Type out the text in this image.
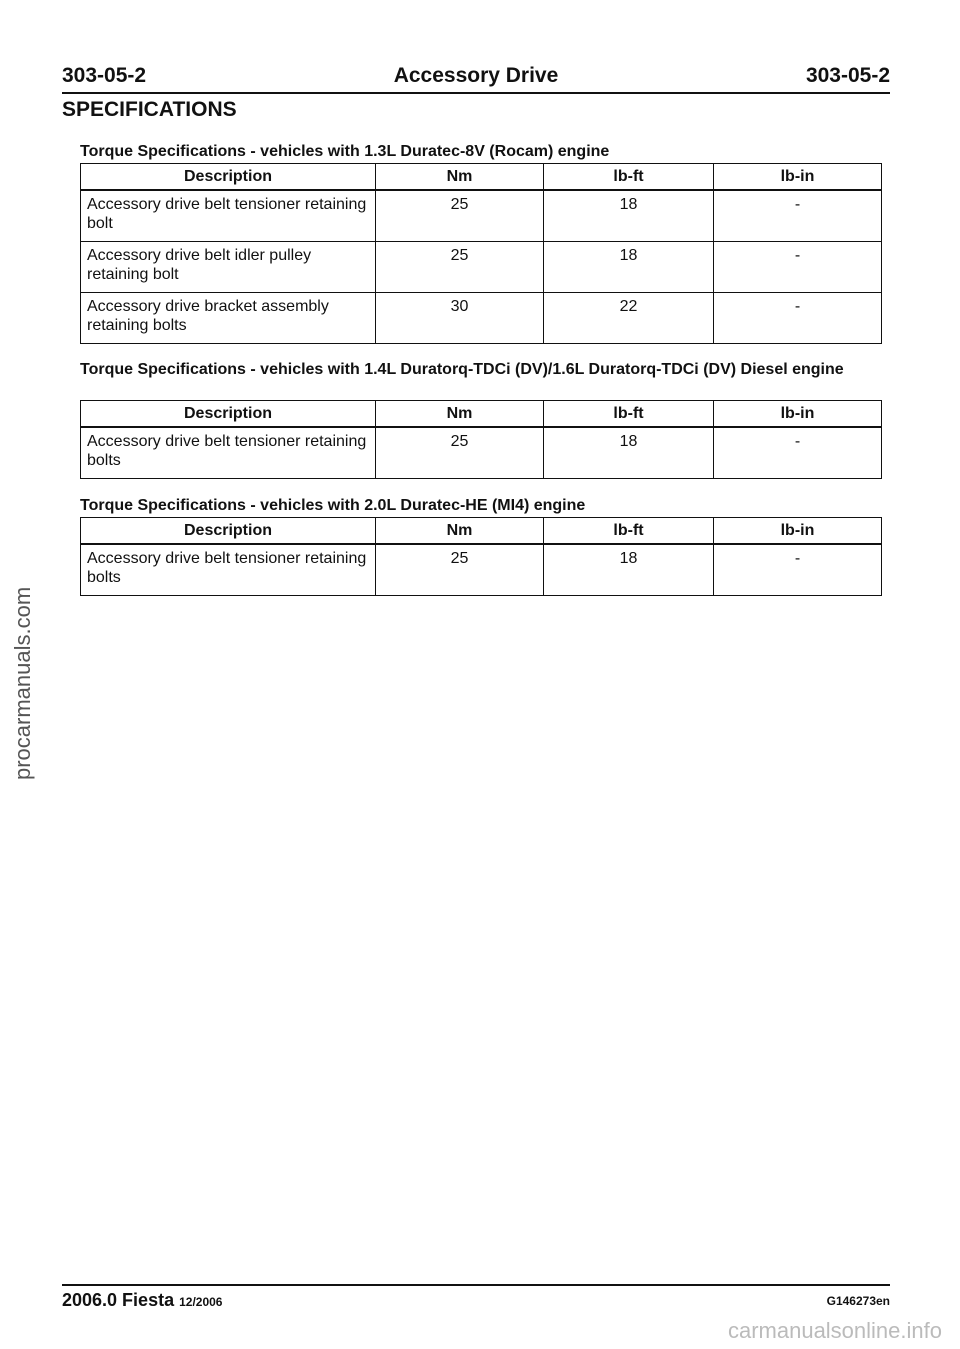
303-05-2	Accessory Drive	303-05-2
SPECIFICATIONS

Torque Specifications - vehicles with 1.3L Duratec-8V (Rocam) engine

Description	Nm	lb-ft	lb-in
Accessory drive belt tensioner retaining bolt	25	18	-
Accessory drive belt idler pulley retaining bolt	25	18	-
Accessory drive bracket assembly retaining bolts	30	22	-

Torque Specifications - vehicles with 1.4L Duratorq-TDCi (DV)/1.6L Duratorq-TDCi (DV) Diesel engine

Description	Nm	lb-ft	lb-in
Accessory drive belt tensioner retaining bolts	25	18	-

Torque Specifications - vehicles with 2.0L Duratec-HE (MI4) engine

Description	Nm	lb-ft	lb-in
Accessory drive belt tensioner retaining bolts	25	18	-
2006.0 Fiesta 12/2006	G146273en
procarmanuals.com
carmanualsonline.info
